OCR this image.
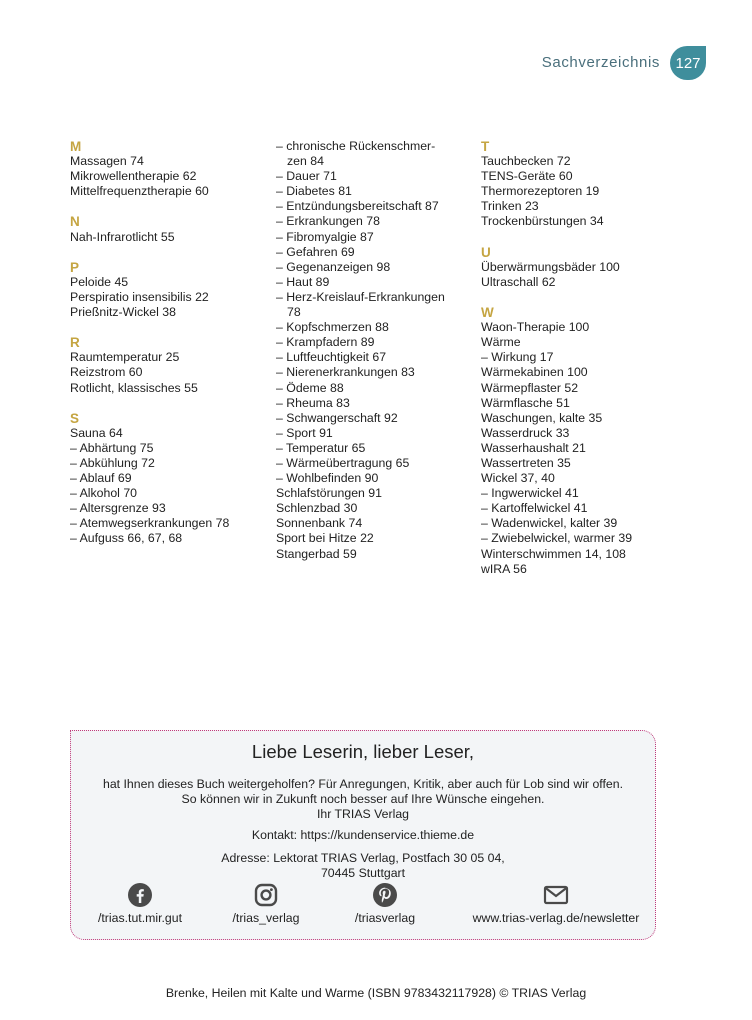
Sachverzeichnis	127
M
Massagen 74
Mikrowellentherapie 62
Mittelfrequenztherapie 60
N
Nah-Infrarotlicht 55
P
Peloide 45
Perspiratio insensibilis 22
Prießnitz-Wickel 38
R
Raumtemperatur 25
Reizstrom 60
Rotlicht, klassisches 55
S
Sauna 64
– Abhärtung 75
– Abkühlung 72
– Ablauf 69
– Alkohol 70
– Altersgrenze 93
– Atemwegserkrankungen 78
– Aufguss 66, 67, 68
– chronische Rückenschmer-
zen 84
– Dauer 71
– Diabetes 81
– Entzündungsbereitschaft 87
– Erkrankungen 78
– Fibromyalgie 87
– Gefahren 69
– Gegenanzeigen 98
– Haut 89
– Herz-Kreislauf-Erkrankungen
78
– Kopfschmerzen 88
– Krampfadern 89
– Luftfeuchtigkeit 67
– Nierenerkrankungen 83
– Ödeme 88
– Rheuma 83
– Schwangerschaft 92
– Sport 91
– Temperatur 65
– Wärmeübertragung 65
– Wohlbefinden 90
Schlafstörungen 91
Schlenzbad 30
Sonnenbank 74
Sport bei Hitze 22
Stangerbad 59
T
Tauchbecken 72
TENS-Geräte 60
Thermorezeptoren 19
Trinken 23
Trockenbürstungen 34
U
Überwärmungsbäder 100
Ultraschall 62
W
Waon-Therapie 100
Wärme
– Wirkung 17
Wärmekabinen 100
Wärmepflaster 52
Wärmflasche 51
Waschungen, kalte 35
Wasserdruck 33
Wasserhaushalt 21
Wassertreten 35
Wickel 37, 40
– Ingwerwickel 41
– Kartoffelwickel 41
– Wadenwickel, kalter 39
– Zwiebelwickel, warmer 39
Winterschwimmen 14, 108
wIRA 56
Liebe Leserin, lieber Leser,
hat Ihnen dieses Buch weitergeholfen? Für Anregungen, Kritik, aber auch für Lob sind wir offen.
So können wir in Zukunft noch besser auf Ihre Wünsche eingehen.
Ihr TRIAS Verlag
Kontakt: https://kundenservice.thieme.de
Adresse: Lektorat TRIAS Verlag, Postfach 30 05 04,
70445 Stuttgart
/trias.tut.mir.gut	/trias_verlag	/triasverlag	www.trias-verlag.de/newsletter
Brenke, Heilen mit Kalte und Warme (ISBN 9783432117928) © TRIAS Verlag
